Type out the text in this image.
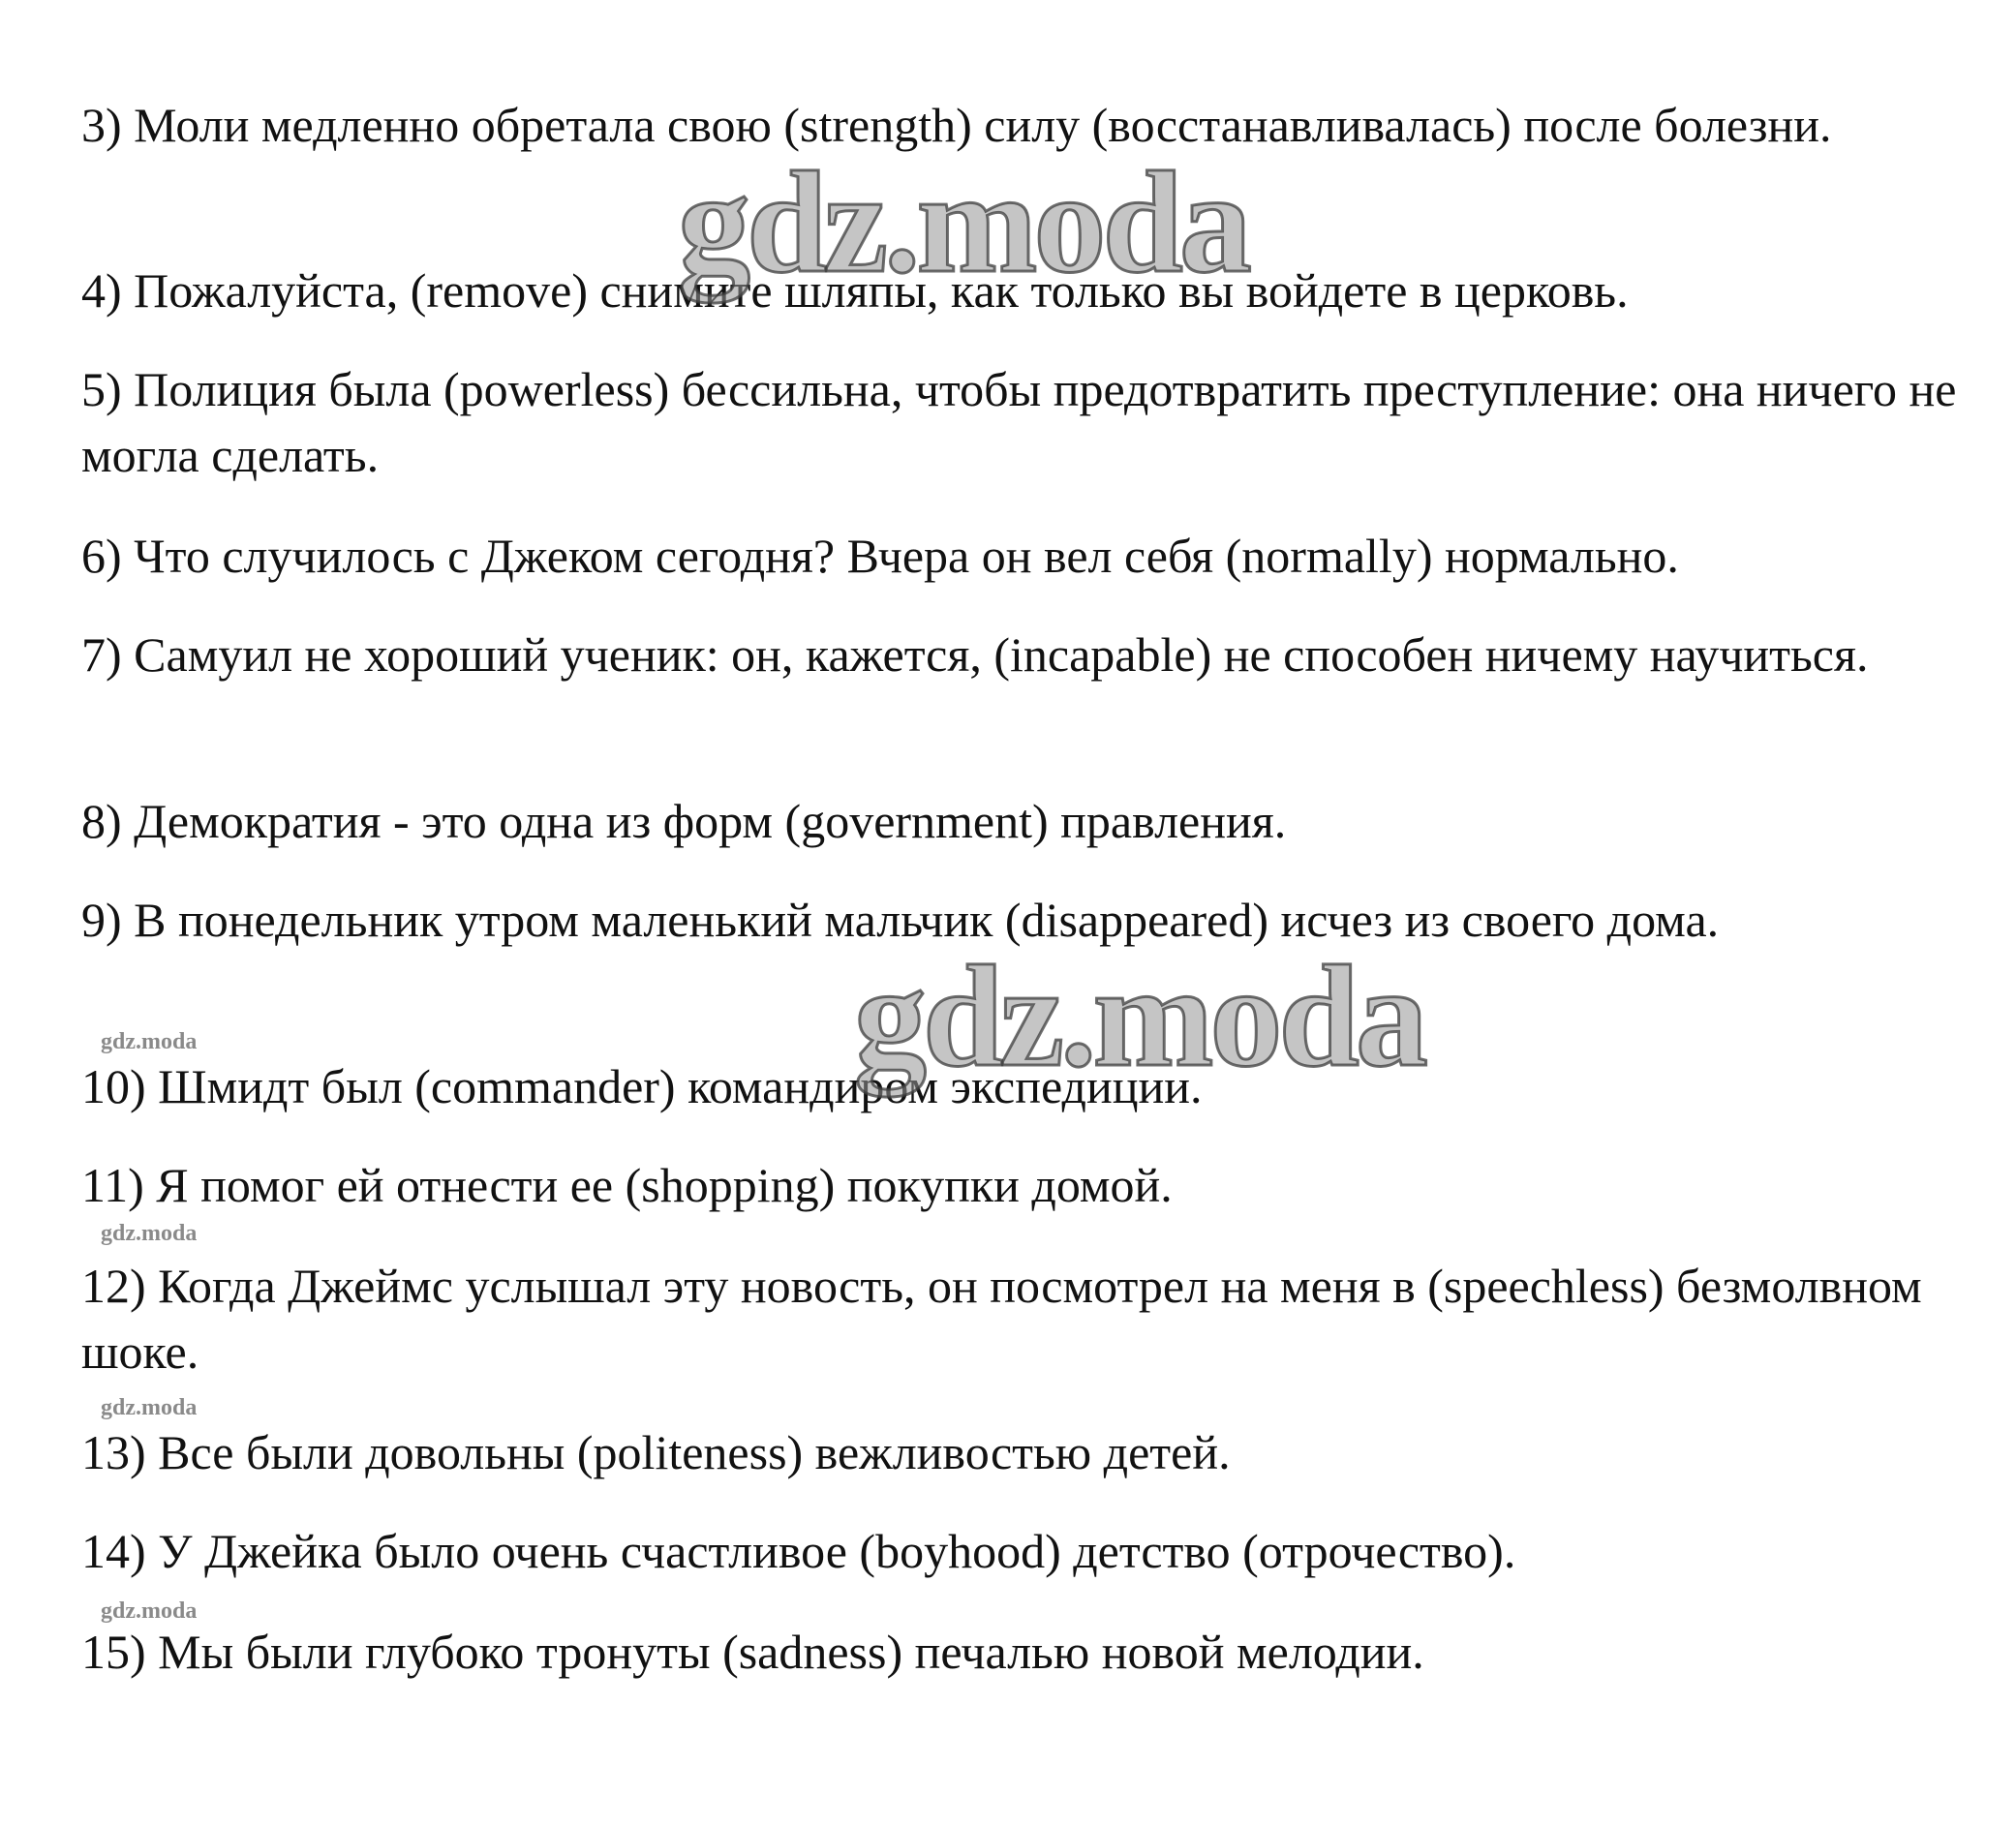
3) Моли медленно обретала свою (strength) силу (восстанавливалась) после болезни.

4) Пожалуйста, (remove) снимите шляпы, как только вы войдете в церковь.

5) Полиция была (powerless) бессильна, чтобы предотвратить преступление: она ничего не могла сделать.

6) Что случилось с Джеком сегодня? Вчера он вел себя (normally) нормально.

7) Самуил не хороший ученик: он, кажется, (incapable) не способен ничему научиться.

8) Демократия - это одна из форм (government) правления.

9) В понедельник утром маленький мальчик (disappeared) исчез из своего дома.

10) Шмидт был (commander) командиром экспедиции.

11) Я помог ей отнести ее (shopping) покупки домой.

12) Когда Джеймс услышал эту новость, он посмотрел на меня в (speechless) безмолвном шоке.

13) Все были довольны (politeness) вежливостью детей.

14) У Джейка было очень счастливое (boyhood) детство (отрочество).

15) Мы были глубоко тронуты (sadness) печалью новой мелодии.

gdz.moda
gdz.moda
gdz.moda
gdz.moda
gdz.moda
gdz.moda
